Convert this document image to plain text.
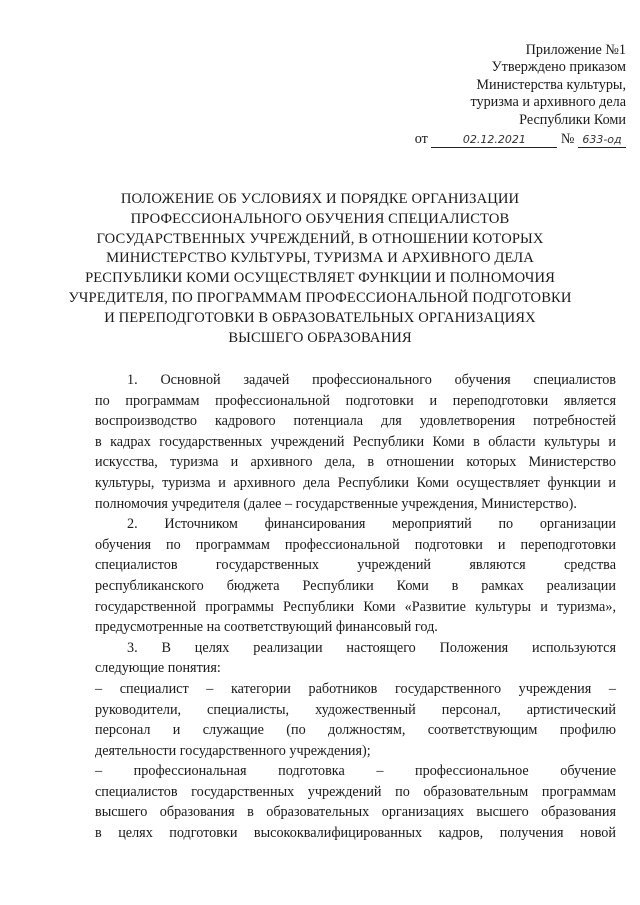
Приложение №1
Утверждено приказом
Министерства культуры,
туризма и архивного дела
Республики Коми
от	02.12.2021 № 633-од
ПОЛОЖЕНИЕ ОБ УСЛОВИЯХ И ПОРЯДКЕ ОРГАНИЗАЦИИ
ПРОФЕССИОНАЛЬНОГО ОБУЧЕНИЯ СПЕЦИАЛИСТОВ
ГОСУДАРСТВЕННЫХ УЧРЕЖДЕНИЙ, В ОТНОШЕНИИ КОТОРЫХ
МИНИСТЕРСТВО КУЛЬТУРЫ, ТУРИЗМА И АРХИВНОГО ДЕЛА
РЕСПУБЛИКИ КОМИ ОСУЩЕСТВЛЯЕТ ФУНКЦИИ И ПОЛНОМОЧИЯ
УЧРЕДИТЕЛЯ, ПО ПРОГРАММАМ ПРОФЕССИОНАЛЬНОЙ ПОДГОТОВКИ
И ПЕРЕПОДГОТОВКИ В ОБРАЗОВАТЕЛЬНЫХ ОРГАНИЗАЦИЯХ
ВЫСШЕГО ОБРАЗОВАНИЯ
1. Основной задачей профессионального обучения специалистов
по программам профессиональной подготовки и переподготовки является
воспроизводство кадрового потенциала для удовлетворения потребностей
в кадрах государственных учреждений Республики Коми в области культуры и
искусства, туризма и архивного дела, в отношении которых Министерство
культуры, туризма и архивного дела Республики Коми осуществляет функции и
полномочия учредителя (далее – государственные учреждения, Министерство).
2. Источником финансирования мероприятий по организации
обучения по программам профессиональной подготовки и переподготовки
специалистов государственных учреждений являются средства
республиканского бюджета Республики Коми в рамках реализации
государственной программы Республики Коми «Развитие культуры и туризма»,
предусмотренные на соответствующий финансовый год.
3. В целях реализации настоящего Положения используются
следующие понятия:
– специалист – категории работников государственного учреждения –
руководители, специалисты, художественный персонал, артистический
персонал и служащие (по должностям, соответствующим профилю
деятельности государственного учреждения);
– профессиональная подготовка – профессиональное обучение
специалистов государственных учреждений по образовательным программам
высшего образования в образовательных организациях высшего образования
в целях подготовки высококвалифицированных кадров, получения новой
